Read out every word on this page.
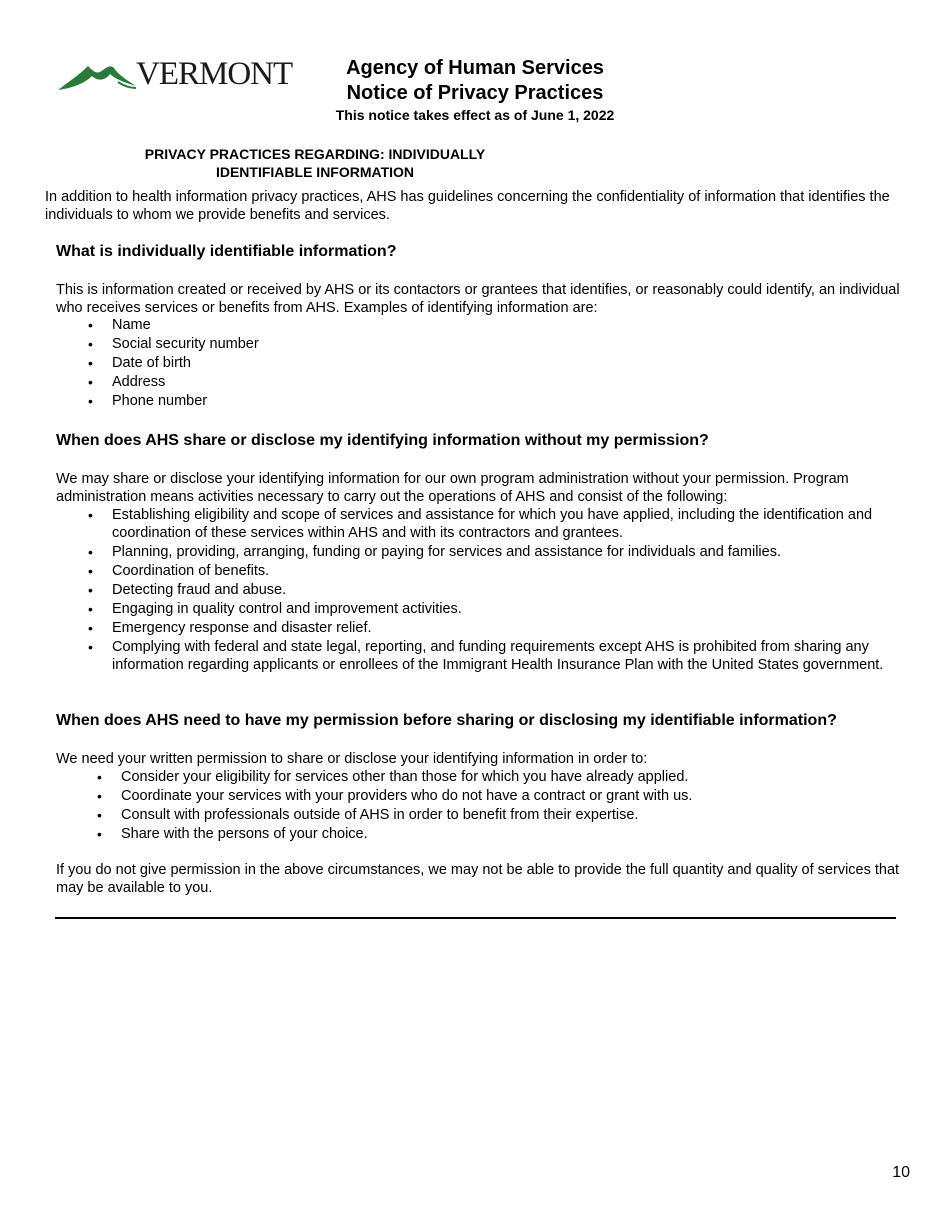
VERMONT	Agency of Human Services
Notice of Privacy Practices
This notice takes effect as of June 1, 2022
PRIVACY PRACTICES REGARDING: INDIVIDUALLY
IDENTIFIABLE INFORMATION

In addition to health information privacy practices, AHS has guidelines concerning the confidentiality of information that identifies the individuals to whom we provide benefits and services.

What is individually identifiable information?

This is information created or received by AHS or its contactors or grantees that identifies, or reasonably could identify, an individual who receives services or benefits from AHS. Examples of identifying information are:

• Name
• Social security number
• Date of birth
• Address
• Phone number
When does AHS share or disclose my identifying information without my permission?

We may share or disclose your identifying information for our own program administration without your permission. Program administration means activities necessary to carry out the operations of AHS and consist of the following:

• Establishing eligibility and scope of services and assistance for which you have applied, including the identification and coordination of these services within AHS and with its contractors and grantees.
• Planning, providing, arranging, funding or paying for services and assistance for individuals and families.
• Coordination of benefits.
• Detecting fraud and abuse.
• Engaging in quality control and improvement activities.
• Emergency response and disaster relief.
• Complying with federal and state legal, reporting, and funding requirements except AHS is prohibited from sharing any information regarding applicants or enrollees of the Immigrant Health Insurance Plan with the United States government.
When does AHS need to have my permission before sharing or disclosing my identifiable information?

We need your written permission to share or disclose your identifying information in order to:

• Consider your eligibility for services other than those for which you have already applied.
• Coordinate your services with your providers who do not have a contract or grant with us.
• Consult with professionals outside of AHS in order to benefit from their expertise.
• Share with the persons of your choice.

If you do not give permission in the above circumstances, we may not be able to provide the full quantity and quality of services that may be available to you.

10
